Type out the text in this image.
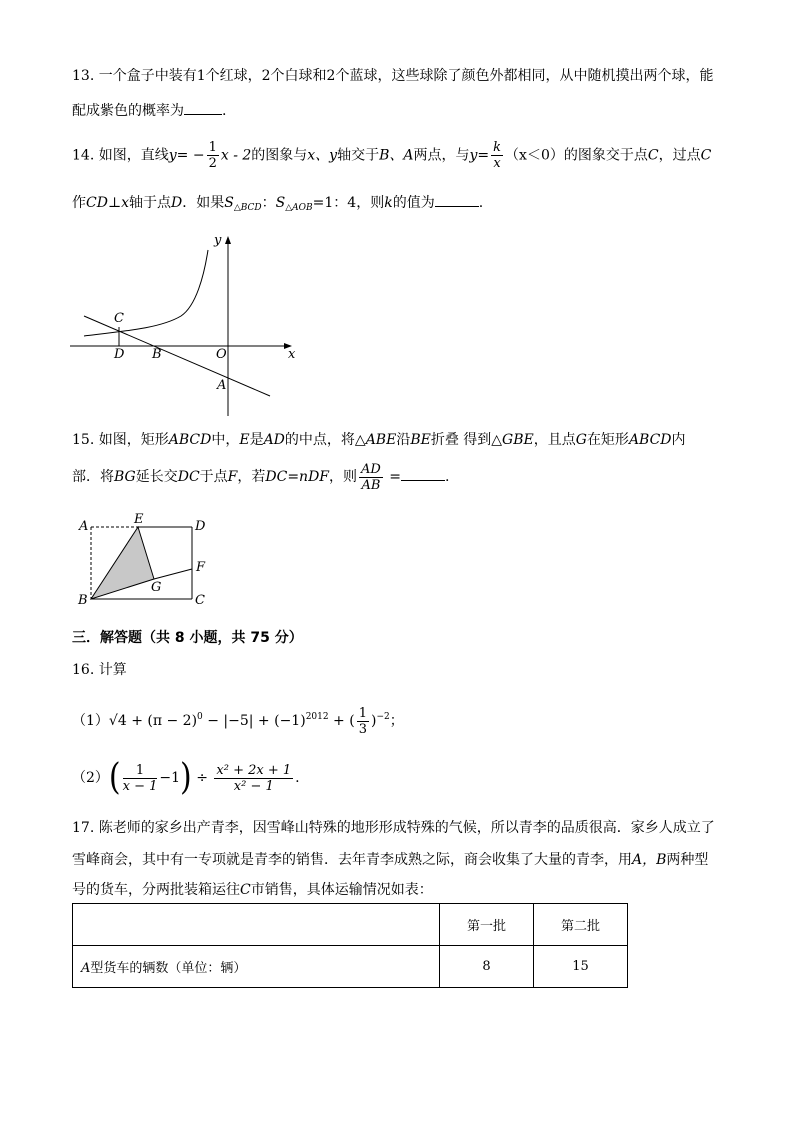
13. 一个盒子中装有1个红球，2个白球和2个蓝球，这些球除了颜色外都相同，从中随机摸出两个球，能
配成紫色的概率为	.
14. 如图，直线$y= - \frac{1}{2}$ x - 2的图象与x、y轴交于B、A两点，与$y= \frac{k}{x} (x<0)$的图象交于点C，过点C
作CD⊥x轴于点D．如果$S_{\triangle BCD}$：$S_{\triangle AOB}=1$：4，则k的值为	.
y
x
C
D B	O
A
15. 如图，矩形ABCD中，E是AD的中点，将△ABE沿BE折叠 得到△GBE，且点G在矩形ABCD内
部．将BG延长交DC于点F，若DC=nDF，则 $\frac{AD}{AB}$ =	.
A	E	D
F
G
B	C
三．解答题（共 8 小题，共 75 分）
16. 计算
$(1)√4 + (\pi - 2)^0 - |-5| + (-1)^{2012}$ + ( $\frac{1}{3} )^{-2}$；
$(2)( \frac{1}{x - 1} -1) \div \frac{\text{x² + 2x + 1}}{\text{x² − 1}}$ .
17. 陈老师的家乡出产青李，因雪峰山特殊的地形形成特殊的气候，所以青李的品质很高．家乡人成立了
雪峰商会，其中有一专项就是青李的销售．去年青李成熟之际，商会收集了大量的青李，用A，B两种型
号的货车，分两批装箱运往C市销售，具体运输情况如表：
	第一批	第二批
A型货车的辆数（单位：辆）	8	15
